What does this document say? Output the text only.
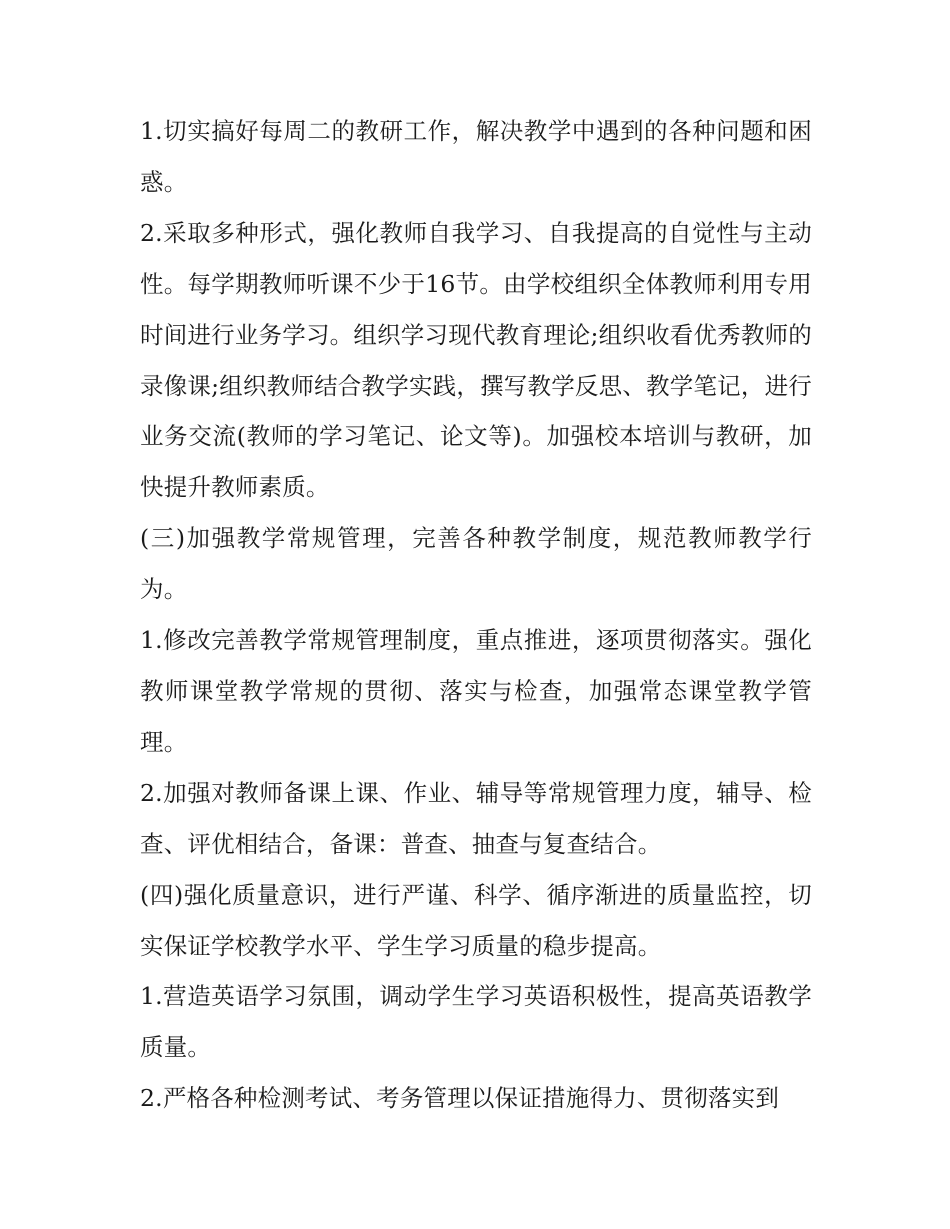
1.切实搞好每周二的教研工作，解决教学中遇到的各种问题和困惑。

2.采取多种形式，强化教师自我学习、自我提高的自觉性与主动性。每学期教师听课不少于16节。由学校组织全体教师利用专用时间进行业务学习。组织学习现代教育理论;组织收看优秀教师的录像课;组织教师结合教学实践，撰写教学反思、教学笔记，进行业务交流(教师的学习笔记、论文等)。加强校本培训与教研，加快提升教师素质。

(三)加强教学常规管理，完善各种教学制度，规范教师教学行为。

1.修改完善教学常规管理制度，重点推进，逐项贯彻落实。强化教师课堂教学常规的贯彻、落实与检查，加强常态课堂教学管理。

2.加强对教师备课上课、作业、辅导等常规管理力度，辅导、检查、评优相结合，备课：普查、抽查与复查结合。

(四)强化质量意识，进行严谨、科学、循序渐进的质量监控，切实保证学校教学水平、学生学习质量的稳步提高。

1.营造英语学习氛围，调动学生学习英语积极性，提高英语教学质量。

2.严格各种检测考试、考务管理以保证措施得力、贯彻落实到
